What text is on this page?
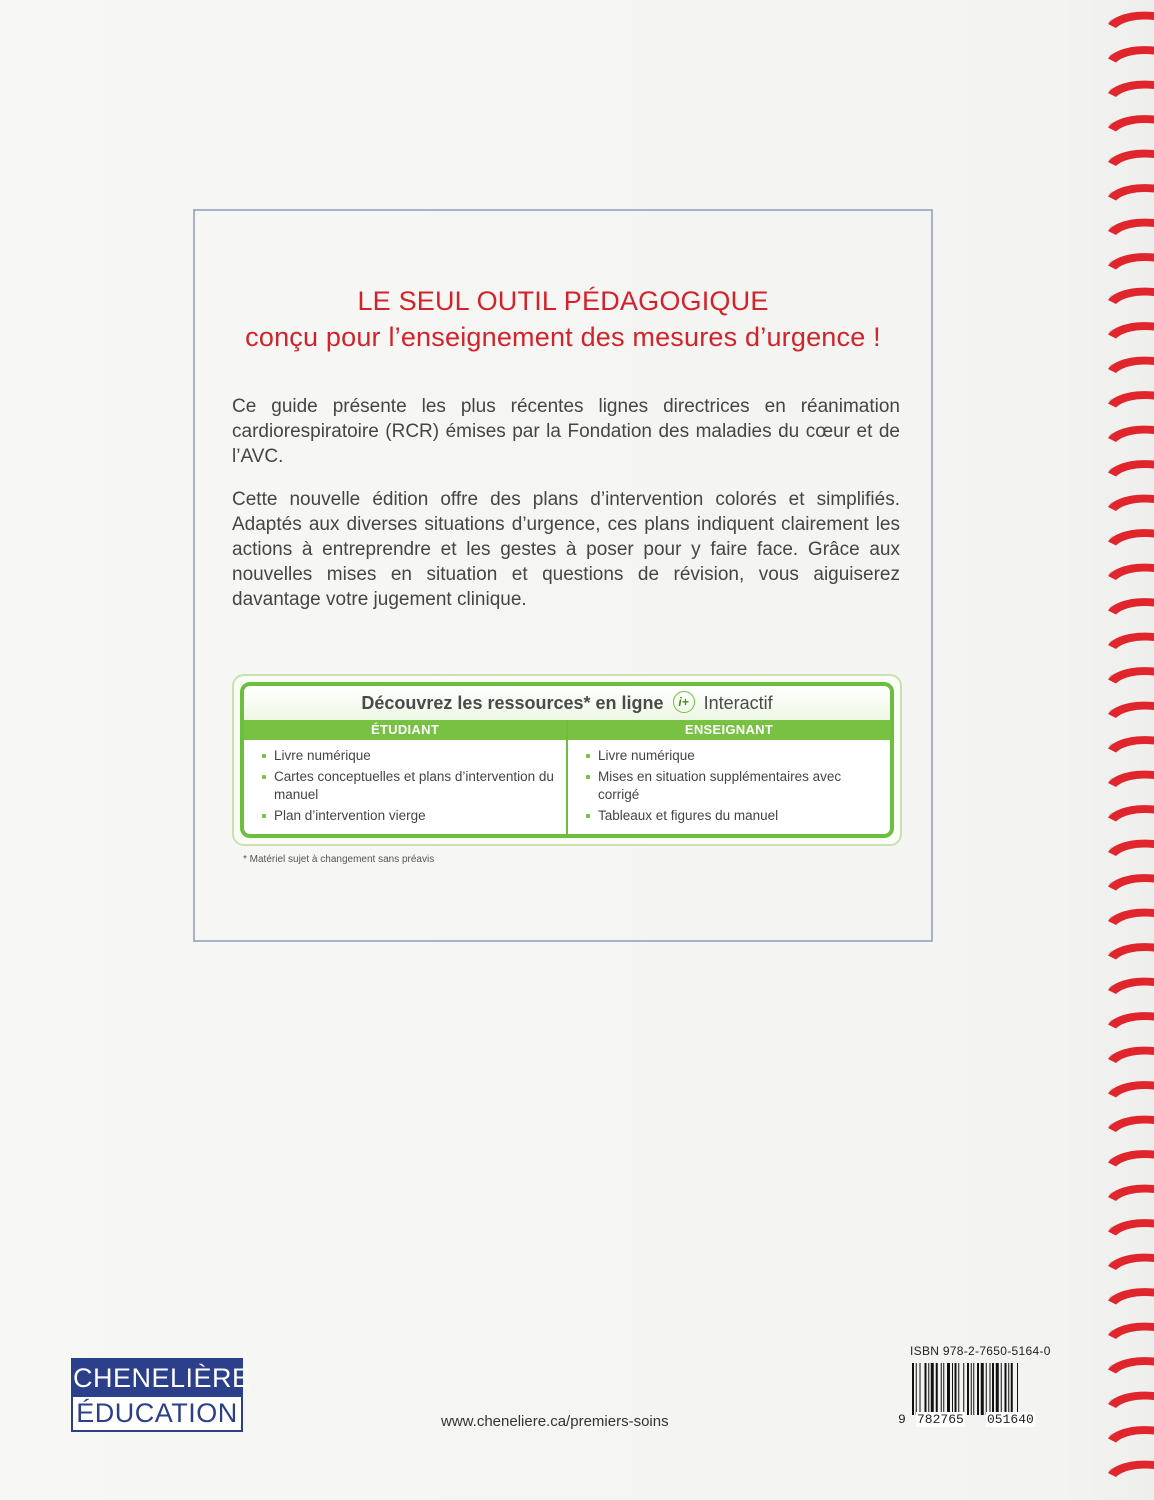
LE SEUL OUTIL PÉDAGOGIQUE
conçu pour l’enseignement des mesures d’urgence !
Ce guide présente les plus récentes lignes directrices en réanimation cardiorespiratoire (RCR) émises par la Fondation des maladies du cœur et de l’AVC.
Cette nouvelle édition offre des plans d’intervention colorés et simplifiés. Adaptés aux diverses situations d’urgence, ces plans indiquent clairement les actions à entreprendre et les gestes à poser pour y faire face. Grâce aux nouvelles mises en situation et questions de révision, vous aiguiserez davantage votre jugement clinique.
Découvrez les ressources* en ligne i+ Interactif
ÉTUDIANT
Livre numérique
Cartes conceptuelles et plans d’intervention du manuel
Plan d’intervention vierge
ENSEIGNANT
Livre numérique
Mises en situation supplémentaires avec corrigé
Tableaux et figures du manuel
* Matériel sujet à changement sans préavis
CHENELIÈRE
ÉDUCATION	www.cheneliere.ca/premiers-soins
ISBN 978-2-7650-5164-0
9 782765 051640
